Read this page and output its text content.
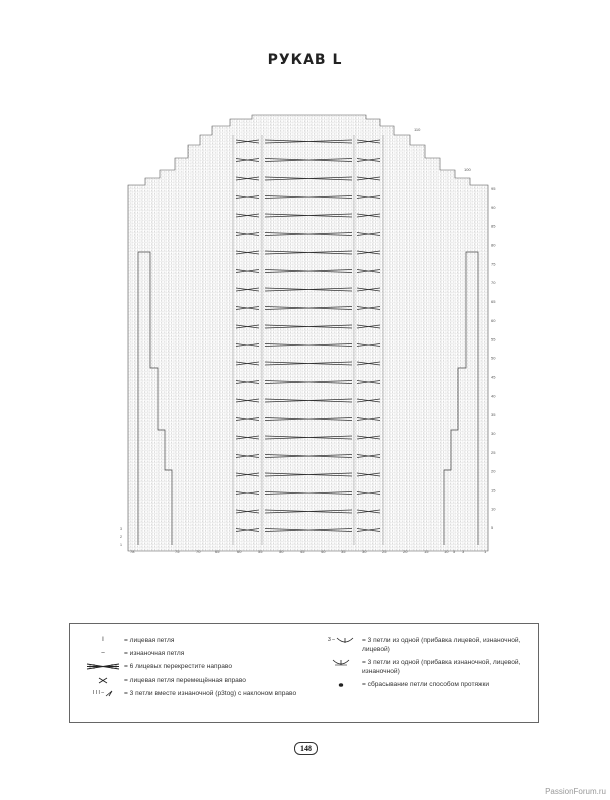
РУКАВ L
5
10
15
20
25
30
35
40
45
50
55
60
65
70
75
80
85
90
95
100
110
78	75	70	65	60	55	50	45	40	35	30	25	20	15	10 5 3	1
1
2
3
I	= лицевая петля
–	= изнаночная петля
= 6 лицевых перекрестите направо
= лицевая петля перемещённая вправо
I I I –	= 3 петли вместе изнаночной (p3tog) с наклоном вправо
3 –	= 3 петли из одной (прибавка лицевой, изнаночной, лицевой)
= 3 петли из одной (прибавка изнаночной, лицевой, изнаночной)
= сбрасывание петли способом протяжки
148
PassionForum.ru
